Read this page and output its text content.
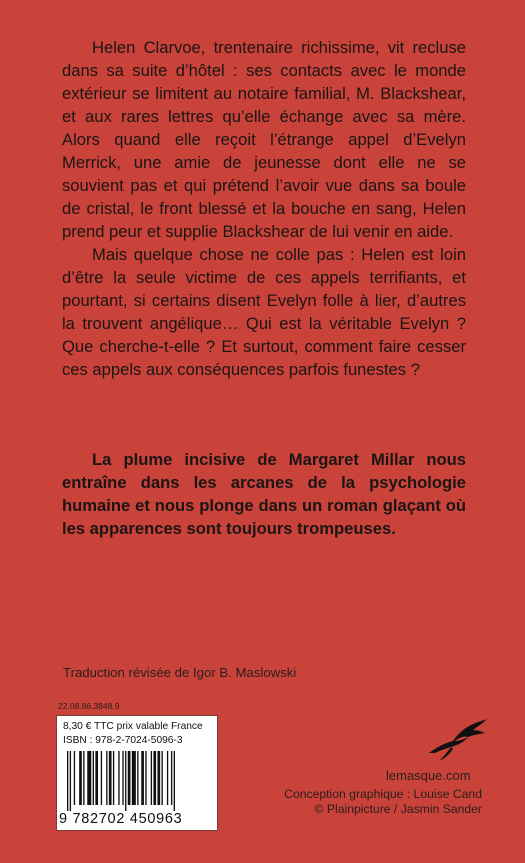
Helen Clarvoe, trentenaire richissime, vit recluse dans sa suite d’hôtel : ses contacts avec le monde extérieur se limitent au notaire familial, M. Blackshear, et aux rares lettres qu’elle échange avec sa mère. Alors quand elle reçoit l’étrange appel d’Evelyn Merrick, une amie de jeunesse dont elle ne se souvient pas et qui prétend l’avoir vue dans sa boule de cristal, le front blessé et la bouche en sang, Helen prend peur et supplie Blackshear de lui venir en aide.

Mais quelque chose ne colle pas : Helen est loin d’être la seule victime de ces appels terrifiants, et pourtant, si certains disent Evelyn folle à lier, d’autres la trouvent angélique… Qui est la véritable Evelyn ? Que cherche-t-elle ? Et surtout, comment faire cesser ces appels aux conséquences parfois funestes ?

La plume incisive de Margaret Millar nous entraîne dans les arcanes de la psychologie humaine et nous plonge dans un roman glaçant où les apparences sont toujours trompeuses.

Traduction révisée de Igor B. Maslowski
22.08.86.3848.9
8,30 € TTC prix valable France
ISBN : 978-2-7024-5096-3
9 782702 450963
lemasque.com
Conception graphique : Louise Cand
© Plainpicture / Jasmin Sander
